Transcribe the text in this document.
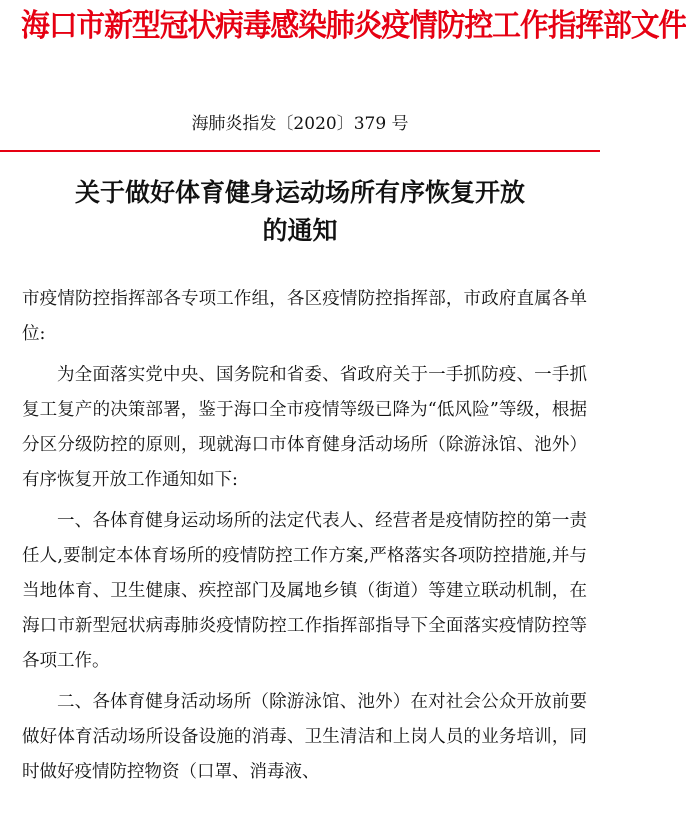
海口市新型冠状病毒感染肺炎疫情防控工作指挥部文件
海肺炎指发〔2020〕379 号
关于做好体育健身运动场所有序恢复开放
的通知

市疫情防控指挥部各专项工作组，各区疫情防控指挥部，市政府直属各单位:

为全面落实党中央、国务院和省委、省政府关于一手抓防疫、一手抓复工复产的决策部署，鉴于海口全市疫情等级已降为“低风险”等级，根据分区分级防控的原则，现就海口市体育健身活动场所（除游泳馆、池外）有序恢复开放工作通知如下:

一、各体育健身运动场所的法定代表人、经营者是疫情防控的第一责任人,要制定本体育场所的疫情防控工作方案,严格落实各项防控措施,并与当地体育、卫生健康、疾控部门及属地乡镇（街道）等建立联动机制，在海口市新型冠状病毒肺炎疫情防控工作指挥部指导下全面落实疫情防控等各项工作。

二、各体育健身活动场所（除游泳馆、池外）在对社会公众开放前要做好体育活动场所设备设施的消毒、卫生清洁和上岗人员的业务培训，同时做好疫情防控物资（口罩、消毒液、
